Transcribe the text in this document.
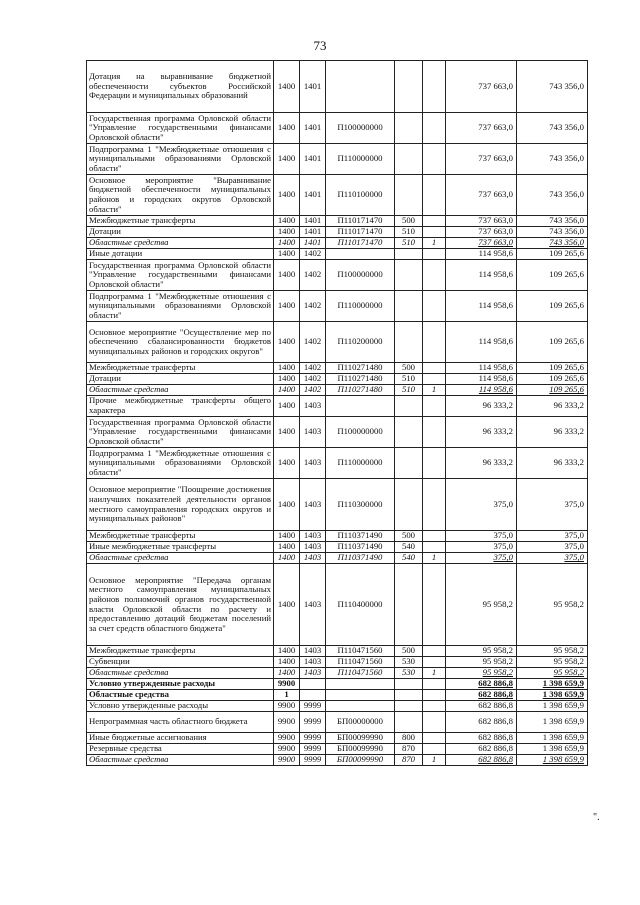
73
Дотация на выравнивание бюджетной обеспеченности субъектов Российской Федерации и муниципальных образований	1400	1401				737 663,0	743 356,0
Государственная программа Орловской области "Управление государственными финансами Орловской области"	1400	1401	П100000000			737 663,0	743 356,0
Подпрограмма 1 "Межбюджетные отношения с муниципальными образованиями Орловской области"	1400	1401	П110000000			737 663,0	743 356,0
Основное мероприятие "Выравнивание бюджетной обеспеченности муниципальных районов и городских округов Орловской области"	1400	1401	П110100000			737 663,0	743 356,0
Межбюджетные трансферты	1400	1401	П110171470	500		737 663,0	743 356,0
Дотации	1400	1401	П110171470	510		737 663,0	743 356,0
Областные средства	1400	1401	П110171470	510	1	737 663,0	743 356,0
Иные дотации	1400	1402				114 958,6	109 265,6
Государственная программа Орловской области "Управление государственными финансами Орловской области"	1400	1402	П100000000			114 958,6	109 265,6
Подпрограмма 1 "Межбюджетные отношения с муниципальными образованиями Орловской области"	1400	1402	П110000000			114 958,6	109 265,6
Основное мероприятие "Осуществление мер по обеспечению сбалансированности бюджетов муниципальных районов и городских округов"	1400	1402	П110200000			114 958,6	109 265,6
Межбюджетные трансферты	1400	1402	П110271480	500		114 958,6	109 265,6
Дотации	1400	1402	П110271480	510		114 958,6	109 265,6
Областные средства	1400	1402	П110271480	510	1	114 958,6	109 265,6
Прочие межбюджетные трансферты общего характера	1400	1403				96 333,2	96 333,2
Государственная программа Орловской области "Управление государственными финансами Орловской области"	1400	1403	П100000000			96 333,2	96 333,2
Подпрограмма 1 "Межбюджетные отношения с муниципальными образованиями Орловской области"	1400	1403	П110000000			96 333,2	96 333,2
Основное мероприятие "Поощрение достижения наилучших показателей деятельности органов местного самоуправления городских округов и муниципальных районов"	1400	1403	П110300000			375,0	375,0
Межбюджетные трансферты	1400	1403	П110371490	500		375,0	375,0
Иные межбюджетные трансферты	1400	1403	П110371490	540		375,0	375,0
Областные средства	1400	1403	П110371490	540	1	375,0	375,0
Основное мероприятие "Передача органам местного самоуправления муниципальных районов полномочий органов государственной власти Орловской области по расчету и предоставлению дотаций бюджетам поселений за счет средств областного бюджета"	1400	1403	П110400000			95 958,2	95 958,2
Межбюджетные трансферты	1400	1403	П110471560	500		95 958,2	95 958,2
Субвенции	1400	1403	П110471560	530		95 958,2	95 958,2
Областные средства	1400	1403	П110471560	530	1	95 958,2	95 958,2
Условно утвержденные расходы	9900					682 886,8	1 398 659,9
Областные средства	1					682 886,8	1 398 659,9
Условно утвержденные расходы	9900	9999				682 886,8	1 398 659,9
Непрограммная часть областного бюджета	9900	9999	БП00000000			682 886,8	1 398 659,9
Иные бюджетные ассигнования	9900	9999	БП00099990	800		682 886,8	1 398 659,9
Резервные средства	9900	9999	БП00099990	870		682 886,8	1 398 659,9
Областные средства	9900	9999	БП00099990	870	1	682 886,8	1 398 659,9
".
